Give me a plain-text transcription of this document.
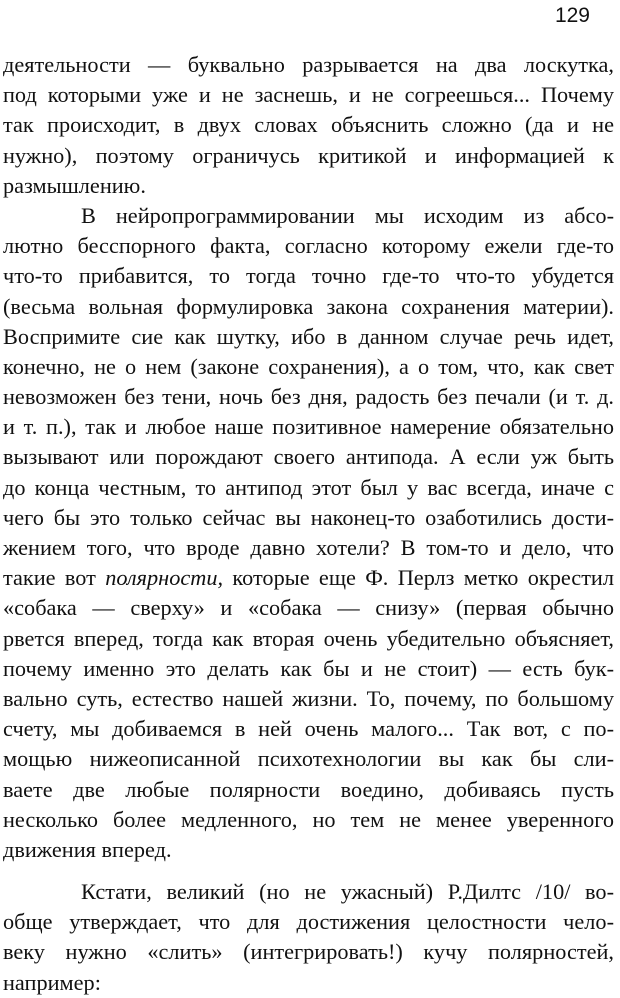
129
деятельности — буквально разрывается на два лоскутка,
под которыми уже и не заснешь, и не согреешься... Почему
так происходит, в двух словах объяснить сложно (да и не
нужно), поэтому ограничусь критикой и информацией к
размышлению.
В нейропрограммировании мы исходим из абсо-
лютно бесспорного факта, согласно которому ежели где-то
что-то прибавится, то тогда точно где-то что-то убудется
(весьма вольная формулировка закона сохранения материи).
Воспримите сие как шутку, ибо в данном случае речь идет,
конечно, не о нем (законе сохранения), а о том, что, как свет
невозможен без тени, ночь без дня, радость без печали (и т. д.
и т. п.), так и любое наше позитивное намерение обязательно
вызывают или порождают своего антипода. А если уж быть
до конца честным, то антипод этот был у вас всегда, иначе с
чего бы это только сейчас вы наконец-то озаботились дости-
жением того, что вроде давно хотели? В том-то и дело, что
такие вот полярности, которые еще Ф. Перлз метко окрестил
«собака — сверху» и «собака — снизу» (первая обычно
рвется вперед, тогда как вторая очень убедительно объясняет,
почему именно это делать как бы и не стоит) — есть бук-
вально суть, естество нашей жизни. То, почему, по большому
счету, мы добиваемся в ней очень малого... Так вот, с по-
мощью нижеописанной психотехнологии вы как бы сли-
ваете две любые полярности воедино, добиваясь пусть
несколько более медленного, но тем не менее уверенного
движения вперед.
Кстати, великий (но не ужасный) Р.Дилтс /10/ во-
обще утверждает, что для достижения целостности чело-
веку нужно «слить» (интегрировать!) кучу полярностей,
например:
